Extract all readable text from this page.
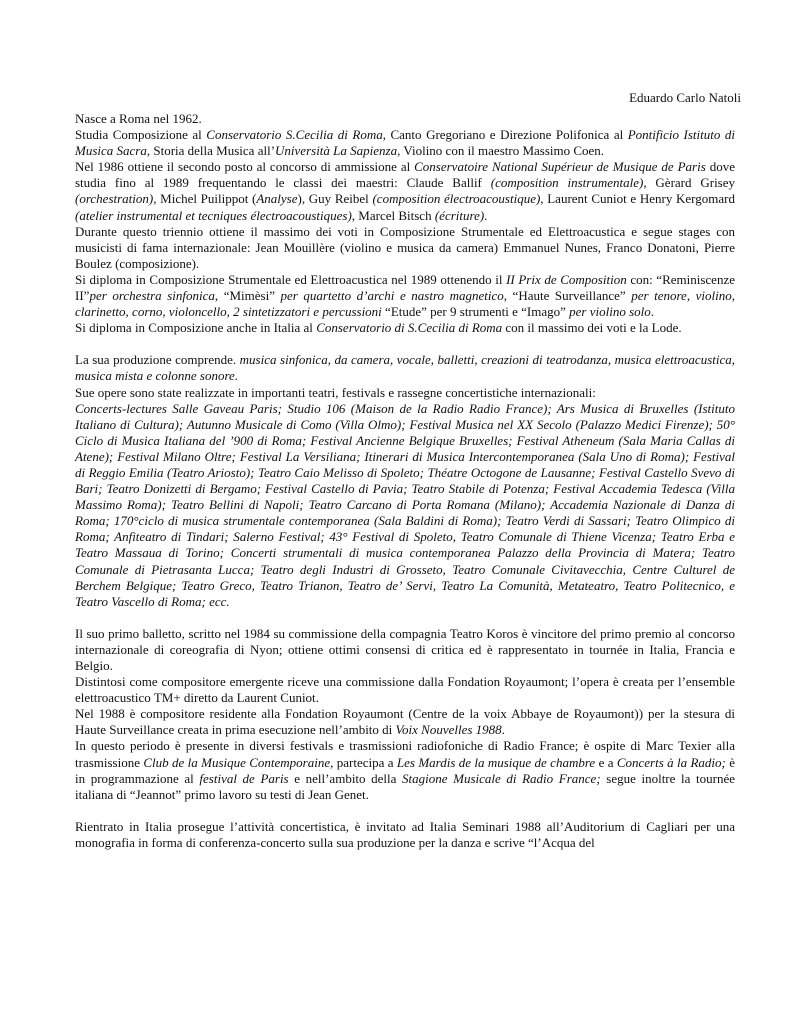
Eduardo Carlo Natoli

Nasce a Roma nel 1962.

Studia Composizione al Conservatorio S.Cecilia di Roma, Canto Gregoriano e Direzione Polifonica al Pontificio Istituto di Musica Sacra, Storia della Musica all’Università La Sapienza, Violino con il maestro Massimo Coen.

Nel 1986 ottiene il secondo posto al concorso di ammissione al Conservatoire National Supérieur de Musique de Paris dove studia fino al 1989 frequentando le classi dei maestri: Claude Ballif (composition instrumentale), Gèrard Grisey (orchestration), Michel Puilippot (Analyse), Guy Reibel (composition électroacoustique), Laurent Cuniot e Henry Kergomard (atelier instrumental et tecniques électroacoustiques), Marcel Bitsch (écriture).

Durante questo triennio ottiene il massimo dei voti in Composizione Strumentale ed Elettroacustica e segue stages con musicisti di fama internazionale: Jean Mouillère (violino e musica da camera) Emmanuel Nunes, Franco Donatoni, Pierre Boulez (composizione).

Si diploma in Composizione Strumentale ed Elettroacustica nel 1989 ottenendo il II Prix de Composition con: “Reminiscenze II”per orchestra sinfonica, “Mimèsi” per quartetto d’archi e nastro magnetico, “Haute Surveillance” per tenore, violino, clarinetto, corno, violoncello, 2 sintetizzatori e percussioni “Etude” per 9 strumenti e “Imago” per violino solo.

Si diploma in Composizione anche in Italia al Conservatorio di S.Cecilia di Roma con il massimo dei voti e la Lode.

La sua produzione comprende. musica sinfonica, da camera, vocale, balletti, creazioni di teatrodanza, musica elettroacustica, musica mista e colonne sonore.

Sue opere sono state realizzate in importanti teatri, festivals e rassegne concertistiche internazionali:

Concerts-lectures Salle Gaveau Paris; Studio 106 (Maison de la Radio Radio France); Ars Musica di Bruxelles (Istituto Italiano di Cultura); Autunno Musicale di Como (Villa Olmo); Festival Musica nel XX Secolo (Palazzo Medici Firenze); 50° Ciclo di Musica Italiana del ’900 di Roma; Festival Ancienne Belgique Bruxelles; Festival Atheneum (Sala Maria Callas di Atene); Festival Milano Oltre; Festival La Versiliana; Itinerari di Musica Intercontemporanea (Sala Uno di Roma); Festival di Reggio Emilia (Teatro Ariosto); Teatro Caio Melisso di Spoleto; Théatre Octogone de Lausanne; Festival Castello Svevo di Bari; Teatro Donizetti di Bergamo; Festival Castello di Pavia; Teatro Stabile di Potenza; Festival Accademia Tedesca (Villa Massimo Roma); Teatro Bellini di Napoli; Teatro Carcano di Porta Romana (Milano); Accademia Nazionale di Danza di Roma; 170°ciclo di musica strumentale contemporanea (Sala Baldini di Roma); Teatro Verdi di Sassari; Teatro Olimpico di Roma; Anfiteatro di Tindari; Salerno Festival; 43° Festival di Spoleto, Teatro Comunale di Thiene Vicenza; Teatro Erba e Teatro Massaua di Torino; Concerti strumentali di musica contemporanea Palazzo della Provincia di Matera; Teatro Comunale di Pietrasanta Lucca; Teatro degli Industri di Grosseto, Teatro Comunale Civitavecchia, Centre Culturel de Berchem Belgique; Teatro Greco, Teatro Trianon, Teatro de’ Servi, Teatro La Comunità, Metateatro, Teatro Politecnico, e Teatro Vascello di Roma; ecc.

Il suo primo balletto, scritto nel 1984 su commissione della compagnia Teatro Koros è vincitore del primo premio al concorso internazionale di coreografia di Nyon; ottiene ottimi consensi di critica ed è rappresentato in tournée in Italia, Francia e Belgio.

Distintosi come compositore emergente riceve una commissione dalla Fondation Royaumont; l’opera è creata per l’ensemble elettroacustico TM+ diretto da Laurent Cuniot.

Nel 1988 è compositore residente alla Fondation Royaumont (Centre de la voix Abbaye de Royaumont)) per la stesura di Haute Surveillance creata in prima esecuzione nell’ambito di Voix Nouvelles 1988.

In questo periodo è presente in diversi festivals e trasmissioni radiofoniche di Radio France; è ospite di Marc Texier alla trasmissione Club de la Musique Contemporaine, partecipa a Les Mardis de la musique de chambre e a Concerts à la Radio; è in programmazione al festival de Paris e nell’ambito della Stagione Musicale di Radio France; segue inoltre la tournée italiana di “Jeannot” primo lavoro su testi di Jean Genet.

Rientrato in Italia prosegue l’attività concertistica, è invitato ad Italia Seminari 1988 all’Auditorium di Cagliari per una monografia in forma di conferenza-concerto sulla sua produzione per la danza e scrive “l’Acqua del
